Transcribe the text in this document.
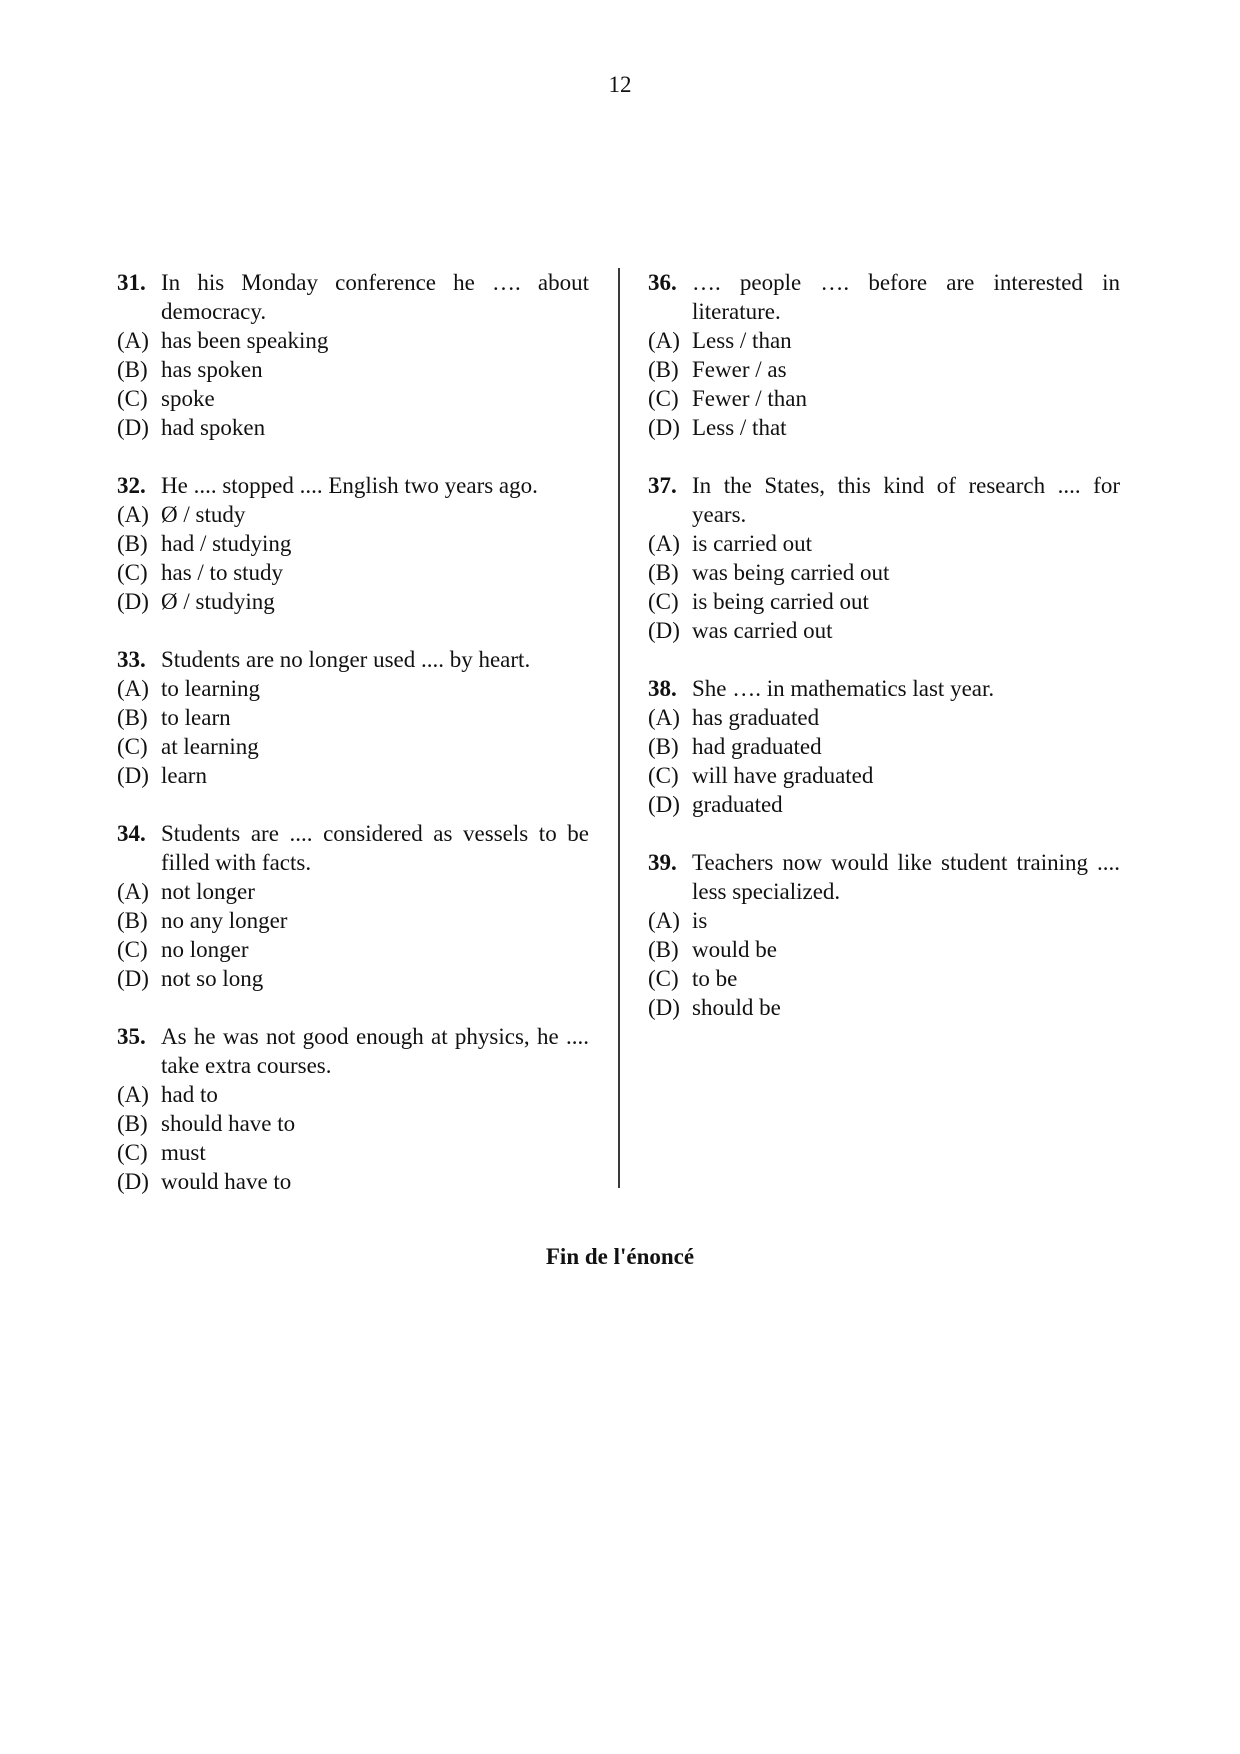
12
31. In his Monday conference he …. about democracy.
(A) has been speaking
(B) has spoken
(C) spoke
(D) had spoken
32. He .... stopped .... English two years ago.
(A) Ø / study
(B) had / studying
(C) has / to study
(D) Ø / studying
33. Students are no longer used .... by heart.
(A) to learning
(B) to learn
(C) at learning
(D) learn
34. Students are .... considered as vessels to be filled with facts.
(A) not longer
(B) no any longer
(C) no longer
(D) not so long
35. As he was not good enough at physics, he .... take extra courses.
(A) had to
(B) should have to
(C) must
(D) would have to
36. …. people …. before are interested in literature.
(A) Less / than
(B) Fewer / as
(C) Fewer / than
(D) Less / that
37. In the States, this kind of research .... for years.
(A) is carried out
(B) was being carried out
(C) is being carried out
(D) was carried out
38. She …. in mathematics last year.
(A) has graduated
(B) had graduated
(C) will have graduated
(D) graduated
39. Teachers now would like student training .... less specialized.
(A) is
(B) would be
(C) to be
(D) should be
Fin de l'énoncé
